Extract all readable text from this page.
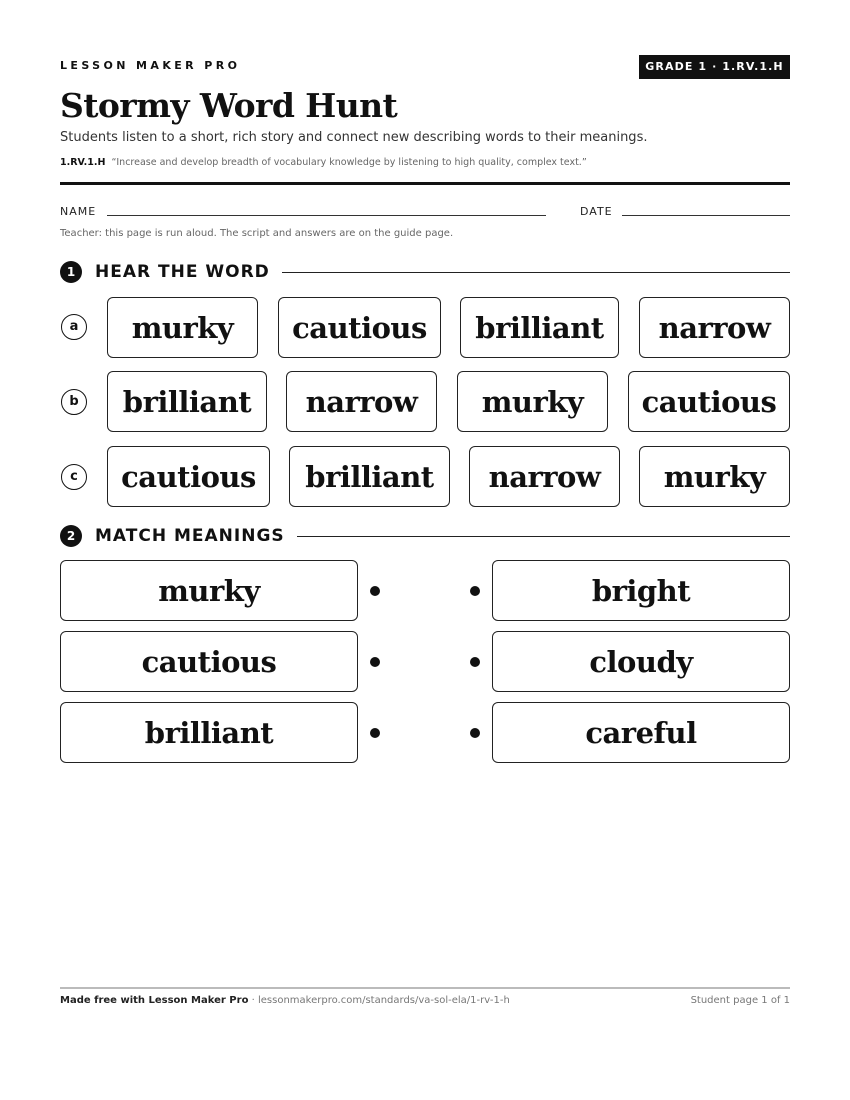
LESSON MAKER PRO	GRADE 1 · 1.RV.1.H
Stormy Word Hunt
Students listen to a short, rich story and connect new describing words to their meanings.
1.RV.1.H “Increase and develop breadth of vocabulary knowledge by listening to high quality, complex text.”
NAME	DATE
Teacher: this page is run aloud. The script and answers are on the guide page.
1	HEAR THE WORD
a	murky	cautious	brilliant	narrow
b	brilliant	narrow	murky	cautious
c	cautious	brilliant	narrow	murky
2	MATCH MEANINGS
murky	bright
cautious	cloudy
brilliant	careful
Made free with Lesson Maker Pro · lessonmakerpro.com/standards/va-sol-ela/1-rv-1-h	Student page 1 of 1
